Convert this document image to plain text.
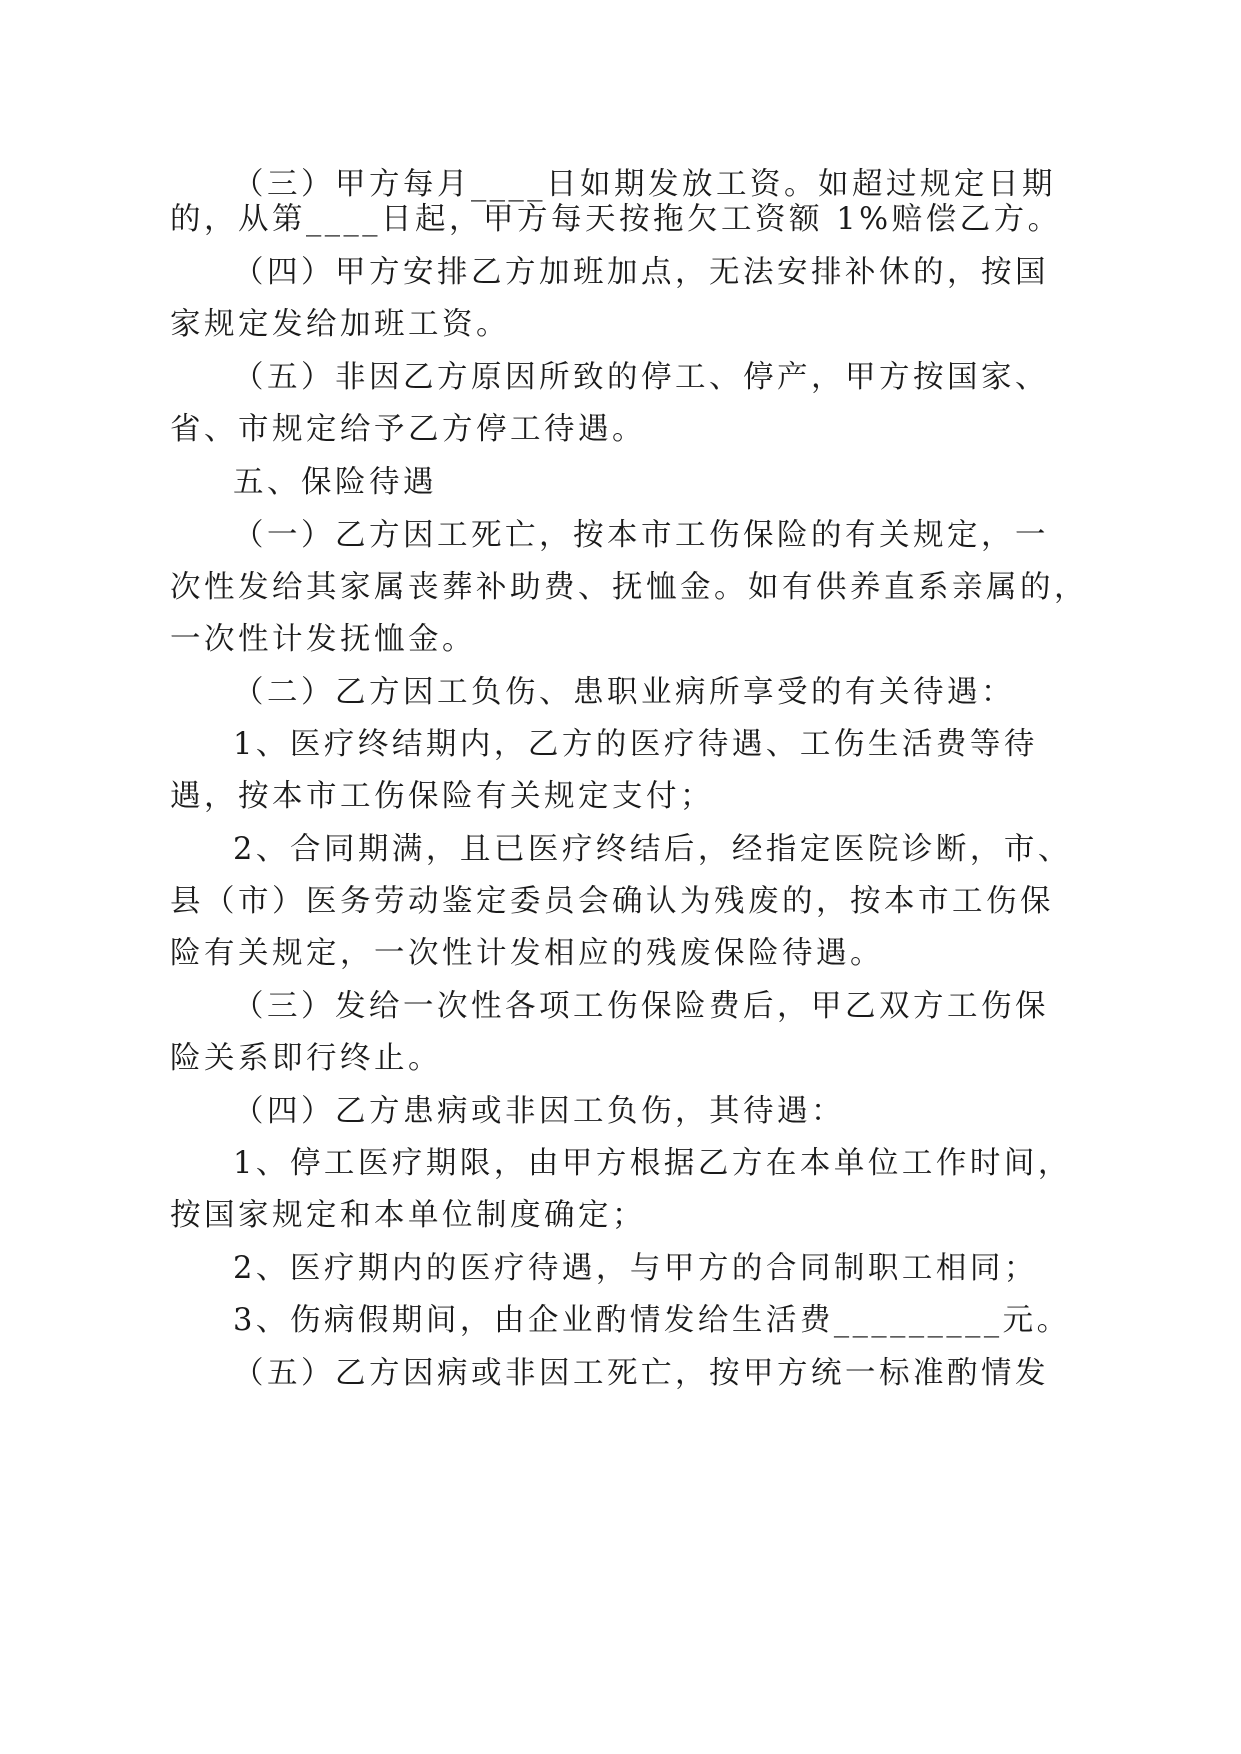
（三）甲方每月____日如期发放工资。如超过规定日期
的，从第____日起，甲方每天按拖欠工资额 1%赔偿乙方。
（四）甲方安排乙方加班加点，无法安排补休的，按国
家规定发给加班工资。
（五）非因乙方原因所致的停工、停产，甲方按国家、
省、市规定给予乙方停工待遇。
五、保险待遇
（一）乙方因工死亡，按本市工伤保险的有关规定，一
次性发给其家属丧葬补助费、抚恤金。如有供养直系亲属的，
一次性计发抚恤金。
（二）乙方因工负伤、患职业病所享受的有关待遇：
1、医疗终结期内，乙方的医疗待遇、工伤生活费等待
遇，按本市工伤保险有关规定支付；
2、合同期满，且已医疗终结后，经指定医院诊断，市、
县（市）医务劳动鉴定委员会确认为残废的，按本市工伤保
险有关规定，一次性计发相应的残废保险待遇。
（三）发给一次性各项工伤保险费后，甲乙双方工伤保
险关系即行终止。
（四）乙方患病或非因工负伤，其待遇：
1、停工医疗期限，由甲方根据乙方在本单位工作时间，
按国家规定和本单位制度确定；
2、医疗期内的医疗待遇，与甲方的合同制职工相同；
3、伤病假期间，由企业酌情发给生活费_________元。
（五）乙方因病或非因工死亡，按甲方统一标准酌情发
